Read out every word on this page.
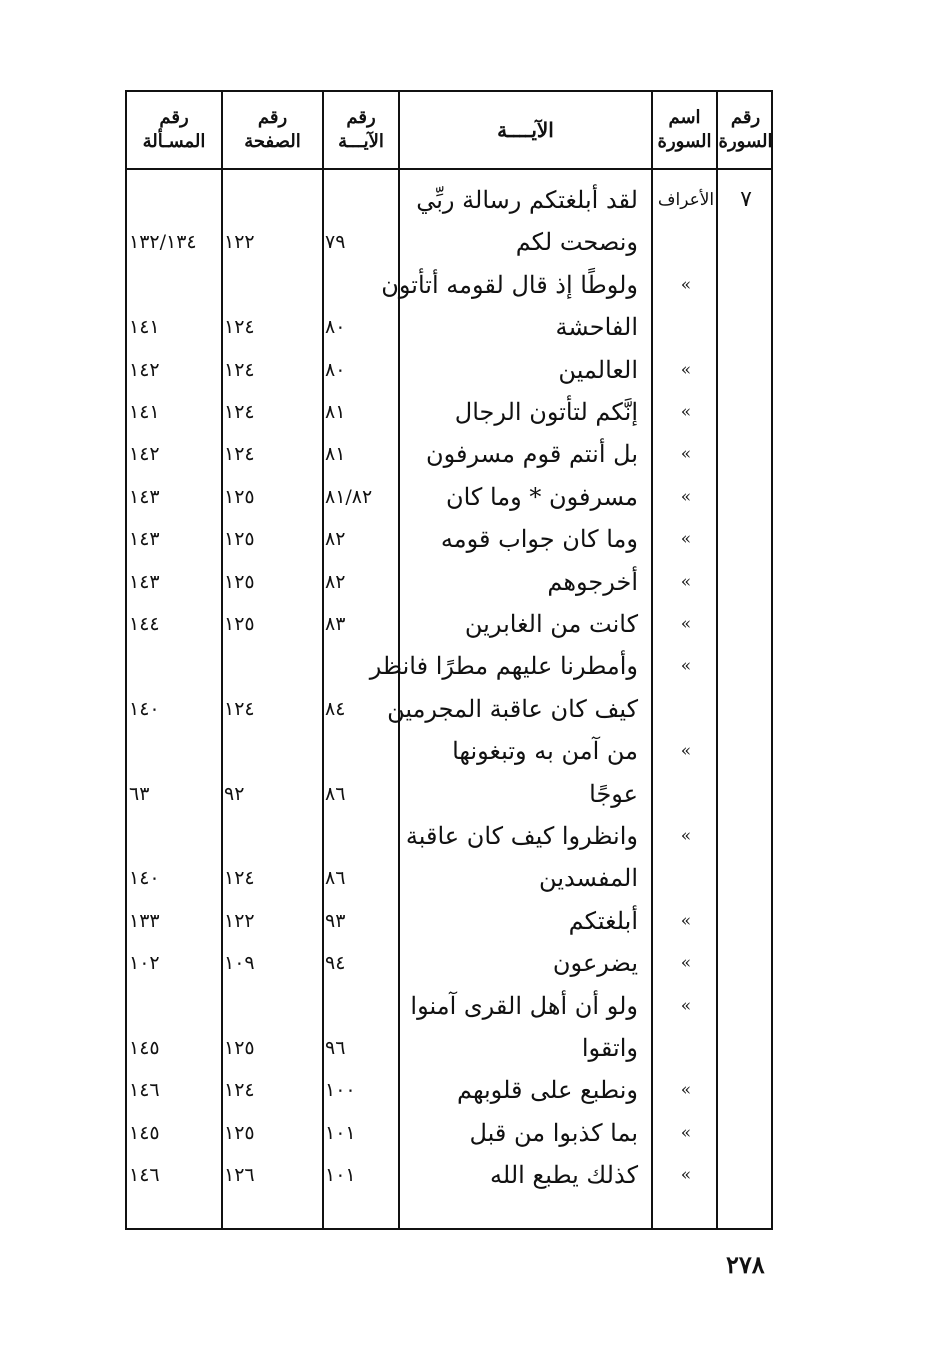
رقم
السورة
اسم
السورة
الآيــــة
رقم
الآيـــة
رقم
الصفحة
رقم
المسـألة
٧
الأعراف
لقد أبلغتكم رسالة ربِّي
ونصحت لكم
٧٩
١٢٢
١٣٢/١٣٤
»
ولوطًا إذ قال لقومه أتأتون
الفاحشة
٨٠
١٢٤
١٤١
»
العالمين
٨٠
١٢٤
١٤٢
»
إنَّكم لتأتون الرجال
٨١
١٢٤
١٤١
»
بل أنتم قوم مسرفون
٨١
١٢٤
١٤٢
»
مسرفون * وما كان
٨١/٨٢
١٢٥
١٤٣
»
وما كان جواب قومه
٨٢
١٢٥
١٤٣
»
أخرجوهم
٨٢
١٢٥
١٤٣
»
كانت من الغابرين
٨٣
١٢٥
١٤٤
»
وأمطرنا عليهم مطرًا فانظر
كيف كان عاقبة المجرمين
٨٤
١٢٤
١٤٠
»
من آمن به وتبغونها
عوجًا
٨٦
٩٢
٦٣
»
وانظروا كيف كان عاقبة
المفسدين
٨٦
١٢٤
١٤٠
»
أبلغتكم
٩٣
١٢٢
١٣٣
»
يضرعون
٩٤
١٠٩
١٠٢
»
ولو أن أهل القرى آمنوا
واتقوا
٩٦
١٢٥
١٤٥
»
ونطبع على قلوبهم
١٠٠
١٢٤
١٤٦
»
بما كذبوا من قبل
١٠١
١٢٥
١٤٥
»
كذلك يطبع الله
١٠١
١٢٦
١٤٦
٢٧٨
